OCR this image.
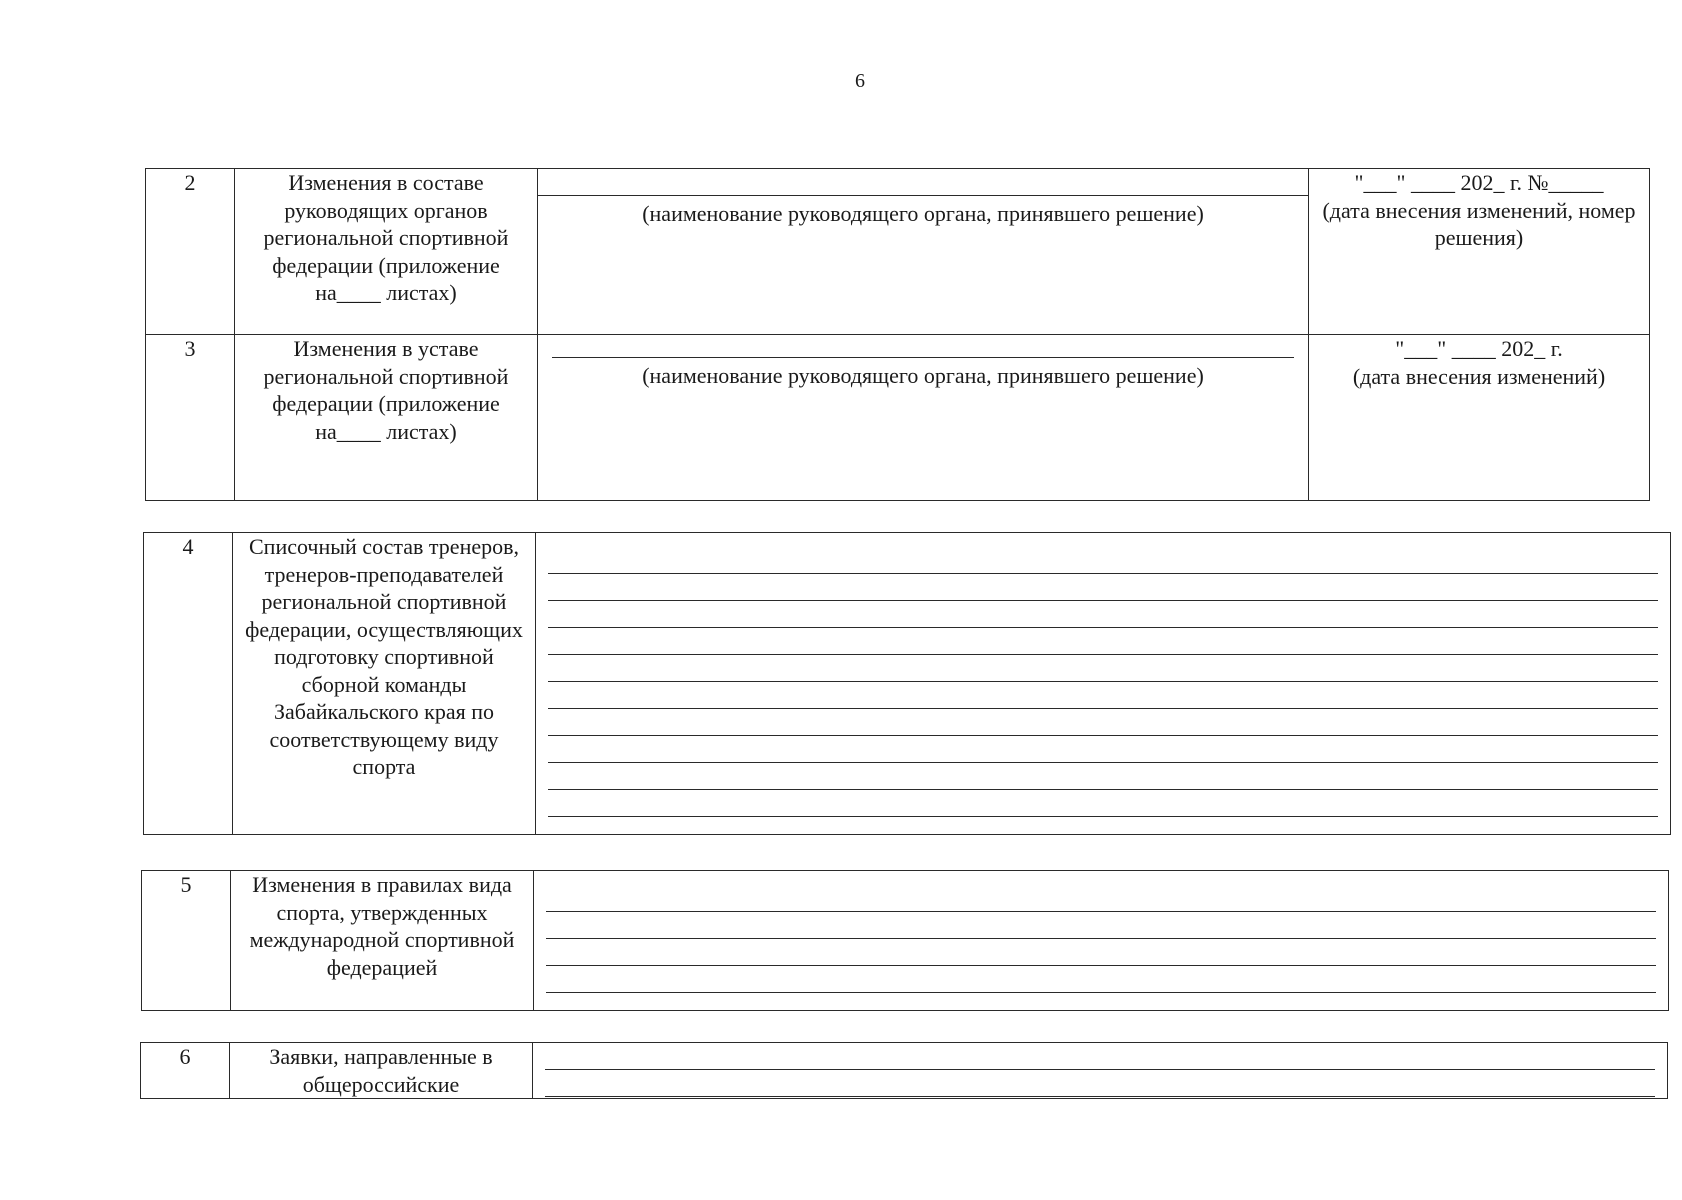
6
2	Изменения в составе руководящих органов региональной спортивной федерации (приложение на____ листах)	(наименование руководящего органа, принявшего решение)	"___" ____ 202_ г. №_____
(дата внесения изменений, номер решения)

3	Изменения в уставе региональной спортивной федерации (приложение на____ листах)	(наименование руководящего органа, принявшего решение)	"___" ____ 202_ г.
(дата внесения изменений)
4	Списочный состав тренеров, тренеров-преподавателей региональной спортивной федерации, осуществляющих подготовку спортивной сборной команды Забайкальского края по соответствующему виду спорта	
5	Изменения в правилах вида спорта, утвержденных международной спортивной федерацией	
6	Заявки, направленные в общероссийские	
